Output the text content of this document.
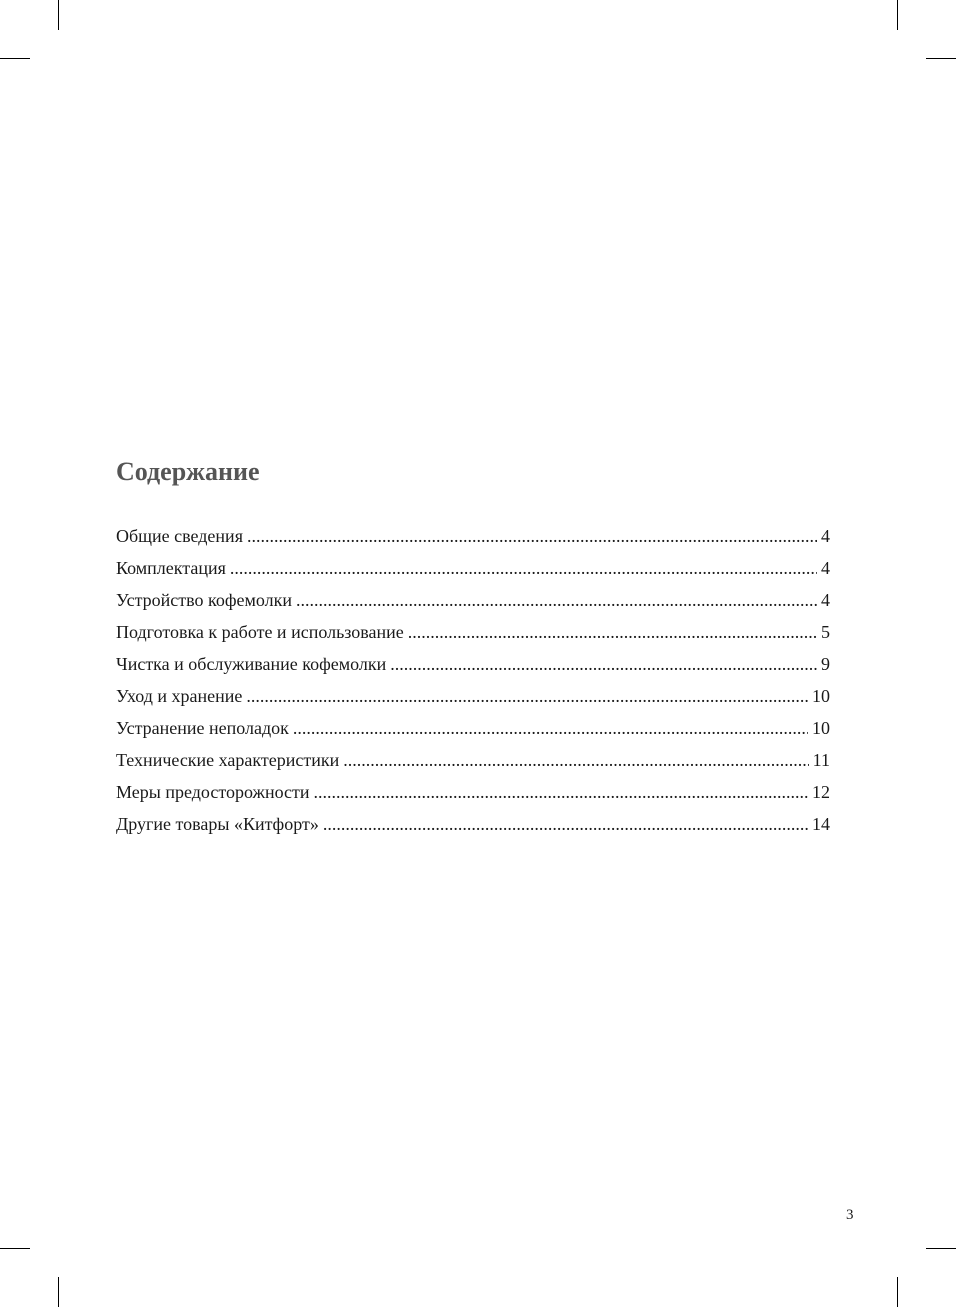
Содержание
Общие сведения .....	4
Комплектация .....	4
Устройство кофемолки .....	4
Подготовка к работе и использование .....	5
Чистка и обслуживание кофемолки .....	9
Уход и хранение .....	10
Устранение неполадок .....	10
Технические характеристики .....	11
Меры предосторожности .....	12
Другие товары «Китфорт» .....	14
3
